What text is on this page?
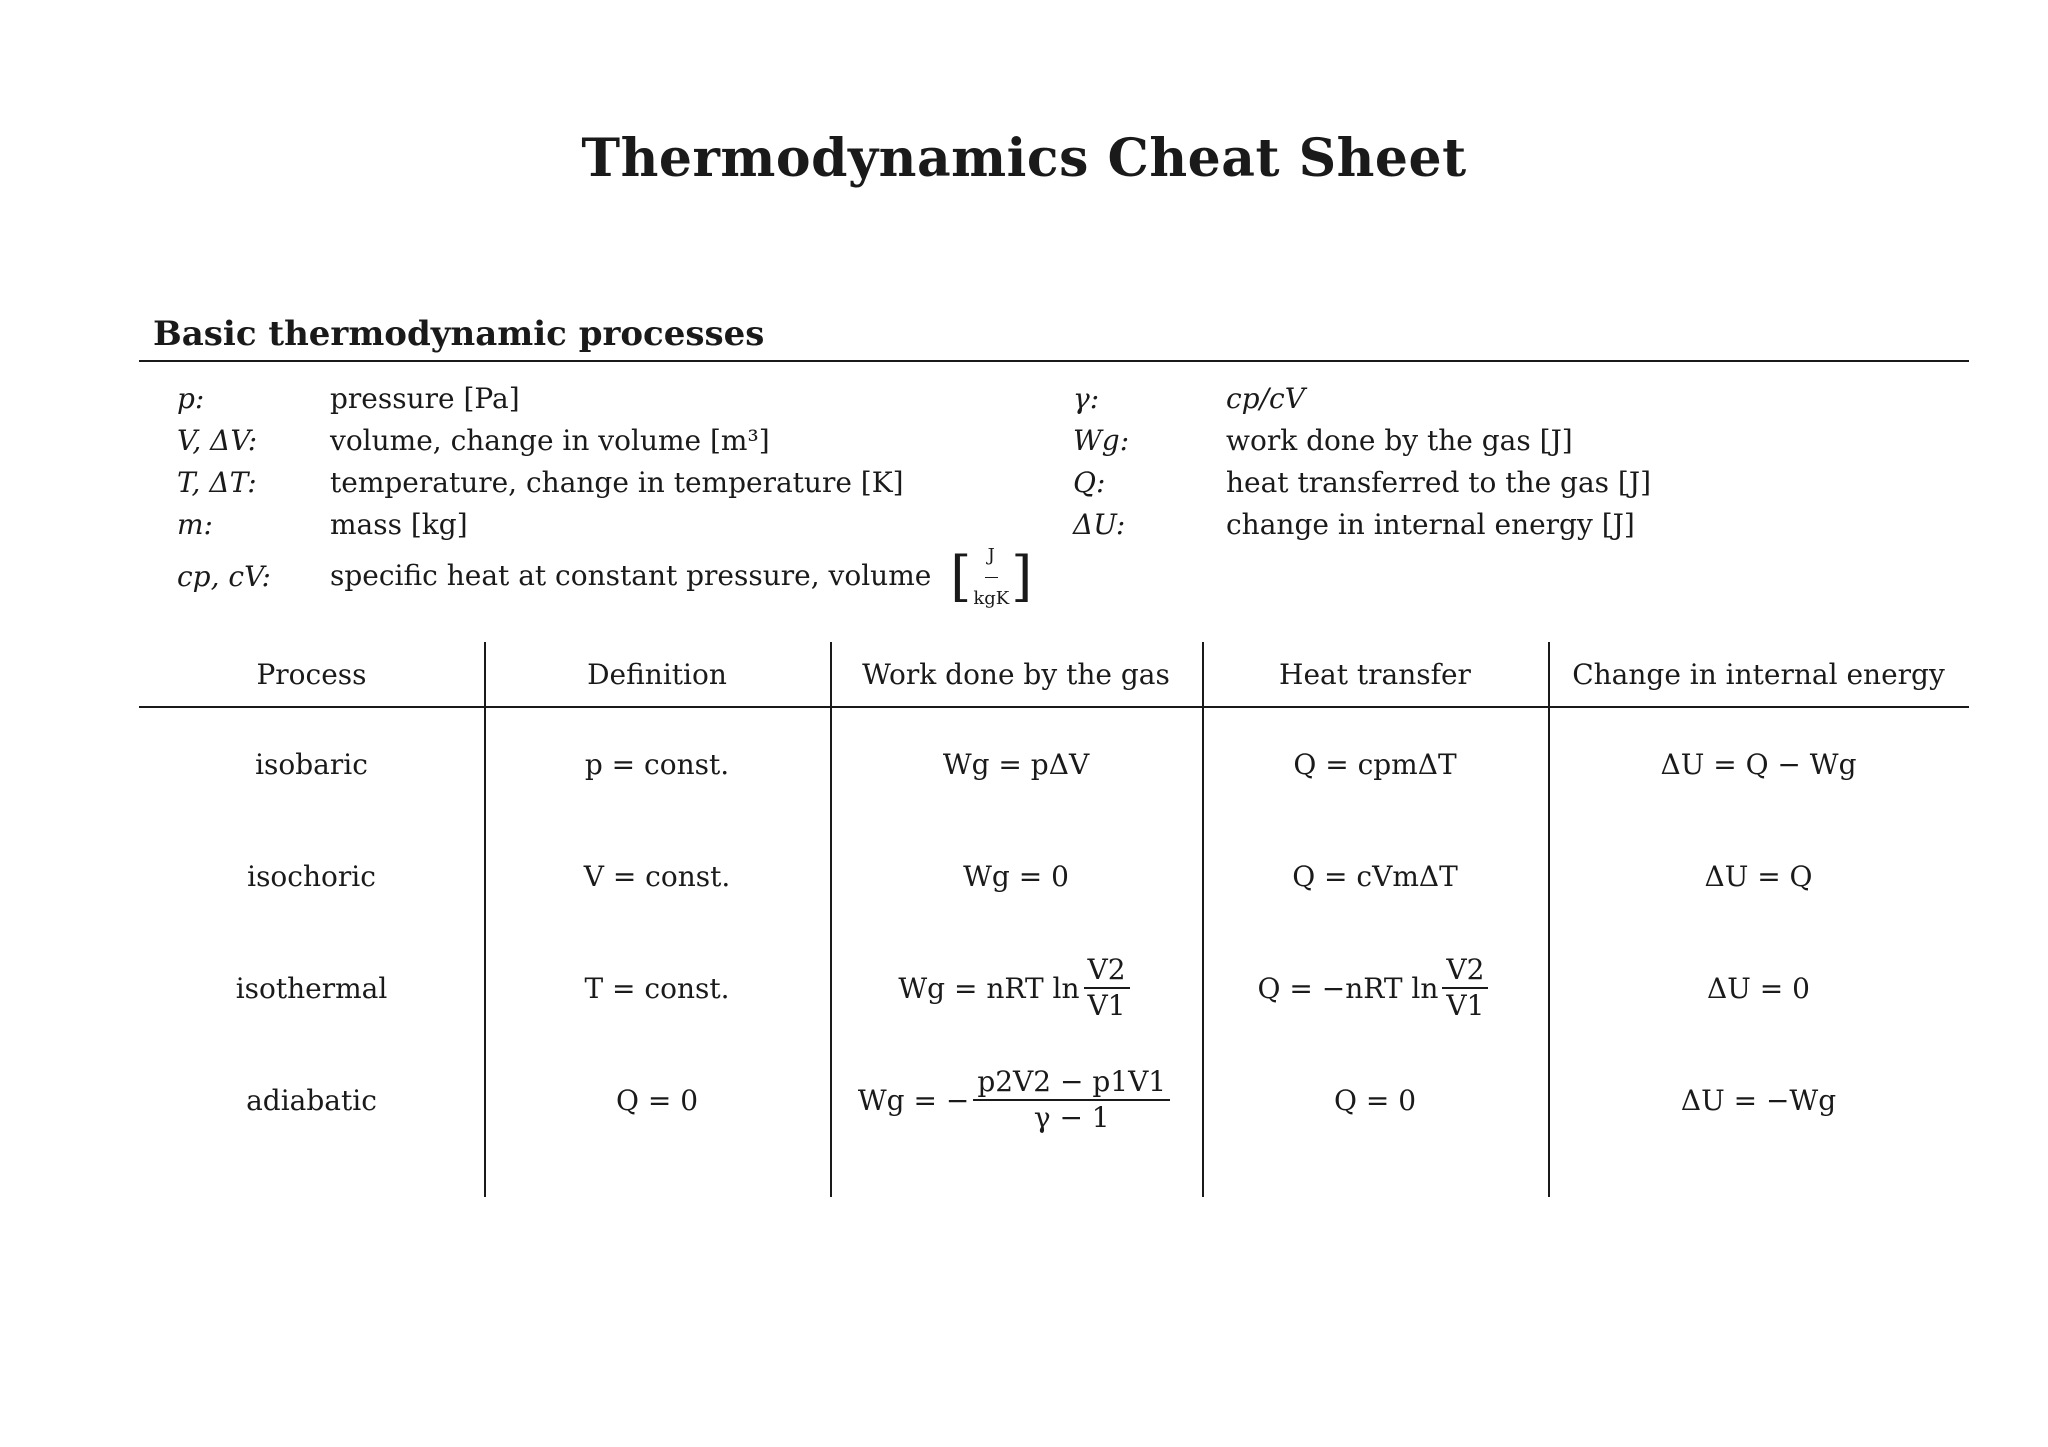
Thermodynamics Cheat Sheet
Basic thermodynamic processes
p:	pressure [Pa]
V, ΔV:	volume, change in volume [m³]
T, ΔT:	temperature, change in temperature [K]
m:	mass [kg]
cp, cV:	specific heat at constant pressure, volume [ J
kgK ]
γ:	cp/cV
Wg:	work done by the gas [J]
Q:	heat transferred to the gas [J]
ΔU:	change in internal energy [J]
Process	Definition	Work done by the gas	Heat transfer	Change in internal energy
isobaric	p = const.	Wg = pΔV	Q = cpmΔT	ΔU = Q − Wg
isochoric	V = const.	Wg = 0	Q = cVmΔT	ΔU = Q
isothermal	T = const.	Wg = nRT $\ln \frac{V2}{V1}$	Q = −nRT $\ln \frac{V2}{V1}$	ΔU = 0
adiabatic	Q = 0	Wg = − $\frac{p2V2 - p1V1}{\gamma - 1}$	Q = 0	ΔU = −Wg
